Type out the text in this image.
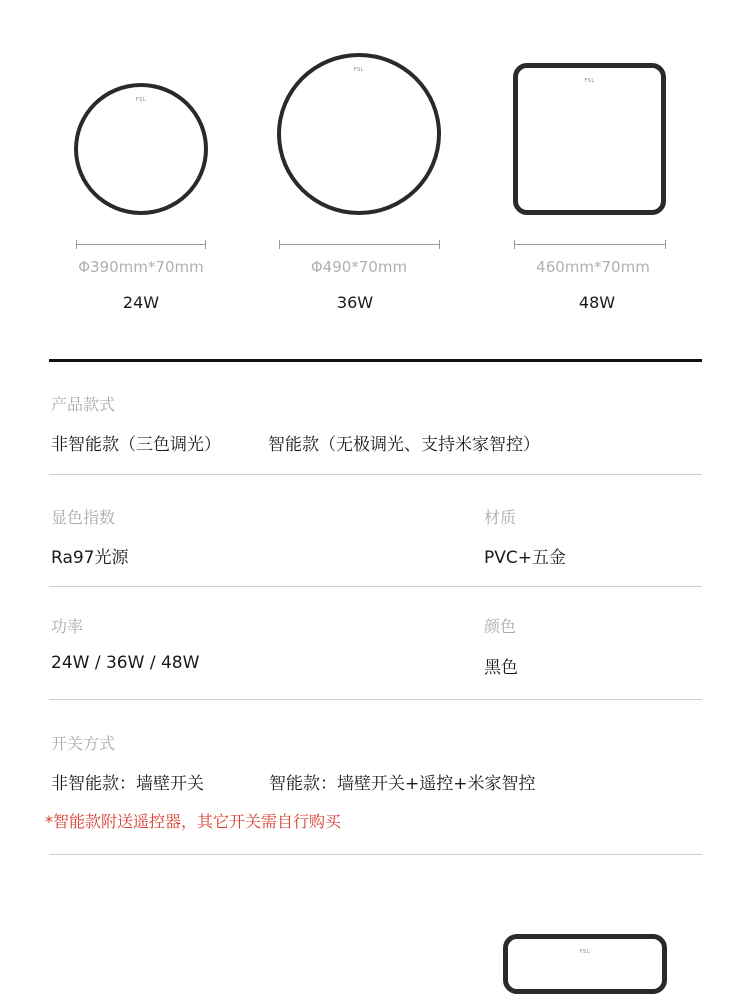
FSL
Φ390mm*70mm
24W
FSL
Φ490*70mm
36W
FSL
460mm*70mm
48W
产品款式
非智能款（三色调光）	智能款（无极调光、支持米家智控）
显色指数
Ra97光源
材质
PVC+五金
功率
24W / 36W / 48W
颜色
黑色
开关方式
非智能款：墙壁开关	智能款：墙壁开关+遥控+米家智控
*智能款附送遥控器，其它开关需自行购买
FSL
